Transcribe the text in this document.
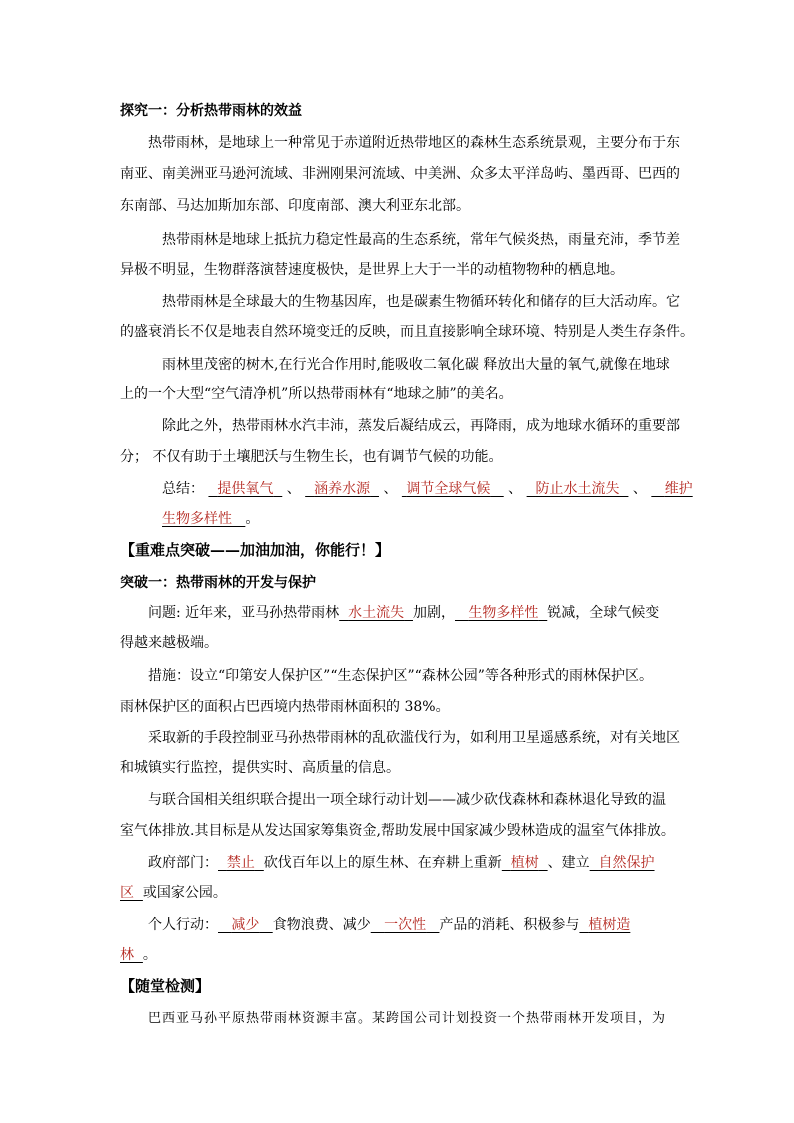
探究一：分析热带雨林的效益
热带雨林，是地球上一种常见于赤道附近热带地区的森林生态系统景观，主要分布于东
南亚、南美洲亚马逊河流域、非洲刚果河流域、中美洲、众多太平洋岛屿、墨西哥、巴西的
东南部、马达加斯加东部、印度南部、澳大利亚东北部。
热带雨林是地球上抵抗力稳定性最高的生态系统，常年气候炎热，雨量充沛，季节差
异极不明显，生物群落演替速度极快，是世界上大于一半的动植物物种的栖息地。
热带雨林是全球最大的生物基因库，也是碳素生物循环转化和储存的巨大活动库。它
的盛衰消长不仅是地表自然环境变迁的反映，而且直接影响全球环境、特别是人类生存条件。
雨林里茂密的树木,在行光合作用时,能吸收二氧化碳 释放出大量的氧气,就像在地球
上的一个大型“空气清净机”所以热带雨林有“地球之肺”的美名。
除此之外，热带雨林水汽丰沛，蒸发后凝结成云，再降雨，成为地球水循环的重要部
分； 不仅有助于土壤肥沃与生物生长，也有调节气候的功能。
总结： 提供氧气 、 涵养水源 、 调节全球气候 、 防止水土流失 、 维护
生物多样性 。
【重难点突破——加油加油，你能行！】
突破一：热带雨林的开发与保护
问题: 近年来，亚马孙热带雨林 水土流失 加剧， 生物多样性 锐减，全球气候变
得越来越极端。
措施：设立“印第安人保护区”“生态保护区”“森林公园”等各种形式的雨林保护区。
雨林保护区的面积占巴西境内热带雨林面积的 38%。
采取新的手段控制亚马孙热带雨林的乱砍滥伐行为，如利用卫星遥感系统，对有关地区
和城镇实行监控，提供实时、高质量的信息。
与联合国相关组织联合提出一项全球行动计划——减少砍伐森林和森林退化导致的温
室气体排放.其目标是从发达国家筹集资金,帮助发展中国家减少毁林造成的温室气体排放。
政府部门： 禁止 砍伐百年以上的原生林、在弃耕上重新 植树 、建立 自然保护
区 或国家公园。
个人行动： 减少 食物浪费、减少 一次性 产品的消耗、积极参与 植树造
林 。
【随堂检测】
巴西亚马孙平原热带雨林资源丰富。某跨国公司计划投资一个热带雨林开发项目，为
